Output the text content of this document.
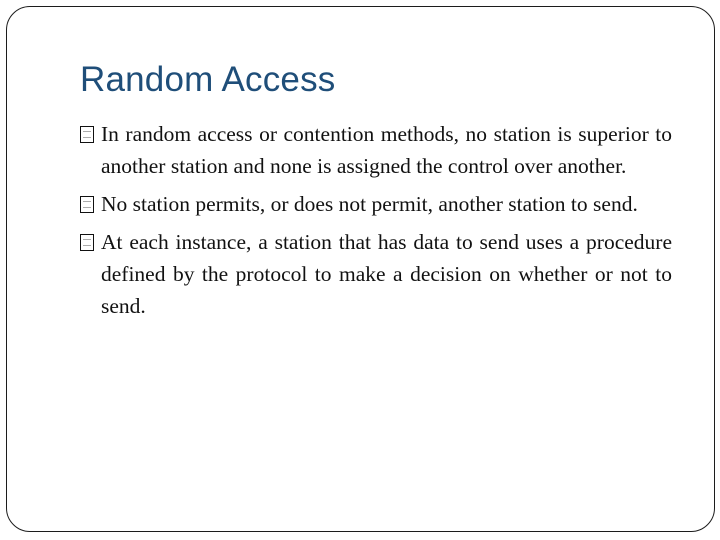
Random Access
In random access or contention methods, no station is superior to another station and none is assigned the control over another.
No station permits, or does not permit, another station to send.
At each instance, a station that has data to send uses a procedure defined by the protocol to make a decision on whether or not to send.
